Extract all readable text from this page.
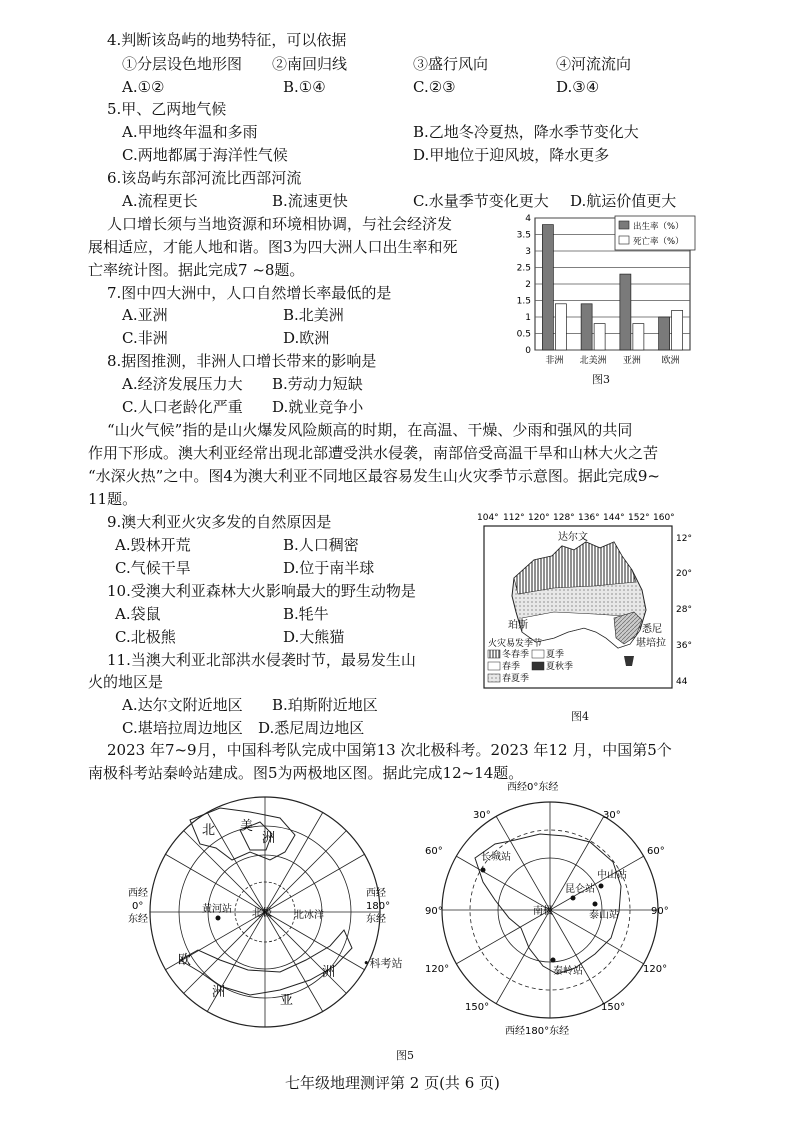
4.判断该岛屿的地势特征，可以依据
①分层设色地形图 ②南回归线	③盛行风向	④河流流向
A.①②	B.①④	C.②③	D.③④
5.甲、乙两地气候
A.甲地终年温和多雨	B.乙地冬冷夏热，降水季节变化大
C.两地都属于海洋性气候	D.甲地位于迎风坡，降水更多
6.该岛屿东部河流比西部河流
A.流程更长	B.流速更快	C.水量季节变化更大 D.航运价值更大
人口增长须与当地资源和环境相协调，与社会经济发
展相适应，才能人地和谐。图3为四大洲人口出生率和死
亡率统计图。据此完成7 ~8题。
7.图中四大洲中，人口自然增长率最低的是
A.亚洲	B.北美洲
C.非洲	D.欧洲
8.据图推测，非洲人口增长带来的影响是
A.经济发展压力大 B.劳动力短缺
C.人口老龄化严重 D.就业竞争小
0
0.5
1
1.5
2
2.5
3
3.5
4
非洲 北美洲 亚洲 欧洲
出生率（%）
死亡率（%）
图3
“山火气候”指的是山火爆发风险颇高的时期，在高温、干燥、少雨和强风的共同
作用下形成。澳大利亚经常出现北部遭受洪水侵袭，南部倍受高温干旱和山林大火之苦
“水深火热”之中。图4为澳大利亚不同地区最容易发生山火灾季节示意图。据此完成9~
11题。
9.澳大利亚火灾多发的自然原因是
A.毁林开荒	B.人口稠密
C.气候干旱	D.位于南半球
10.受澳大利亚森林大火影响最大的野生动物是
A.袋鼠	B.牦牛
C.北极熊	D.大熊猫
11.当澳大利亚北部洪水侵袭时节，最易发生山
火的地区是
A.达尔文附近地区 B.珀斯附近地区
C.堪培拉周边地区 D.悉尼周边地区
104° 112° 120° 128° 136° 144° 152° 160°
12°
20°
28°
36°
44
达尔文
珀斯	悉尼
堪培拉
火灾易发季节
冬春季 夏季
春季	夏秋季
春夏季
图4
2023 年7~9月，中国科考队完成中国第13 次北极科考。2023 年12 月，中国第5个
南极科考站秦岭站建成。图5为两极地区图。据此完成12~14题。
北 美
洲
黄河站 北极 北冰洋
欧
洲
亚
洲
西经
0°
东经
西经
180°
东经
•科考站
西经0°东经
长城站
昆仑站
中山站
泰山站
秦岭站
南极
30°	30°
60°	60°
90°	90°
120°	120°
150°	150°
西经180°东经
图5
七年级地理测评第 2 页(共 6 页)
